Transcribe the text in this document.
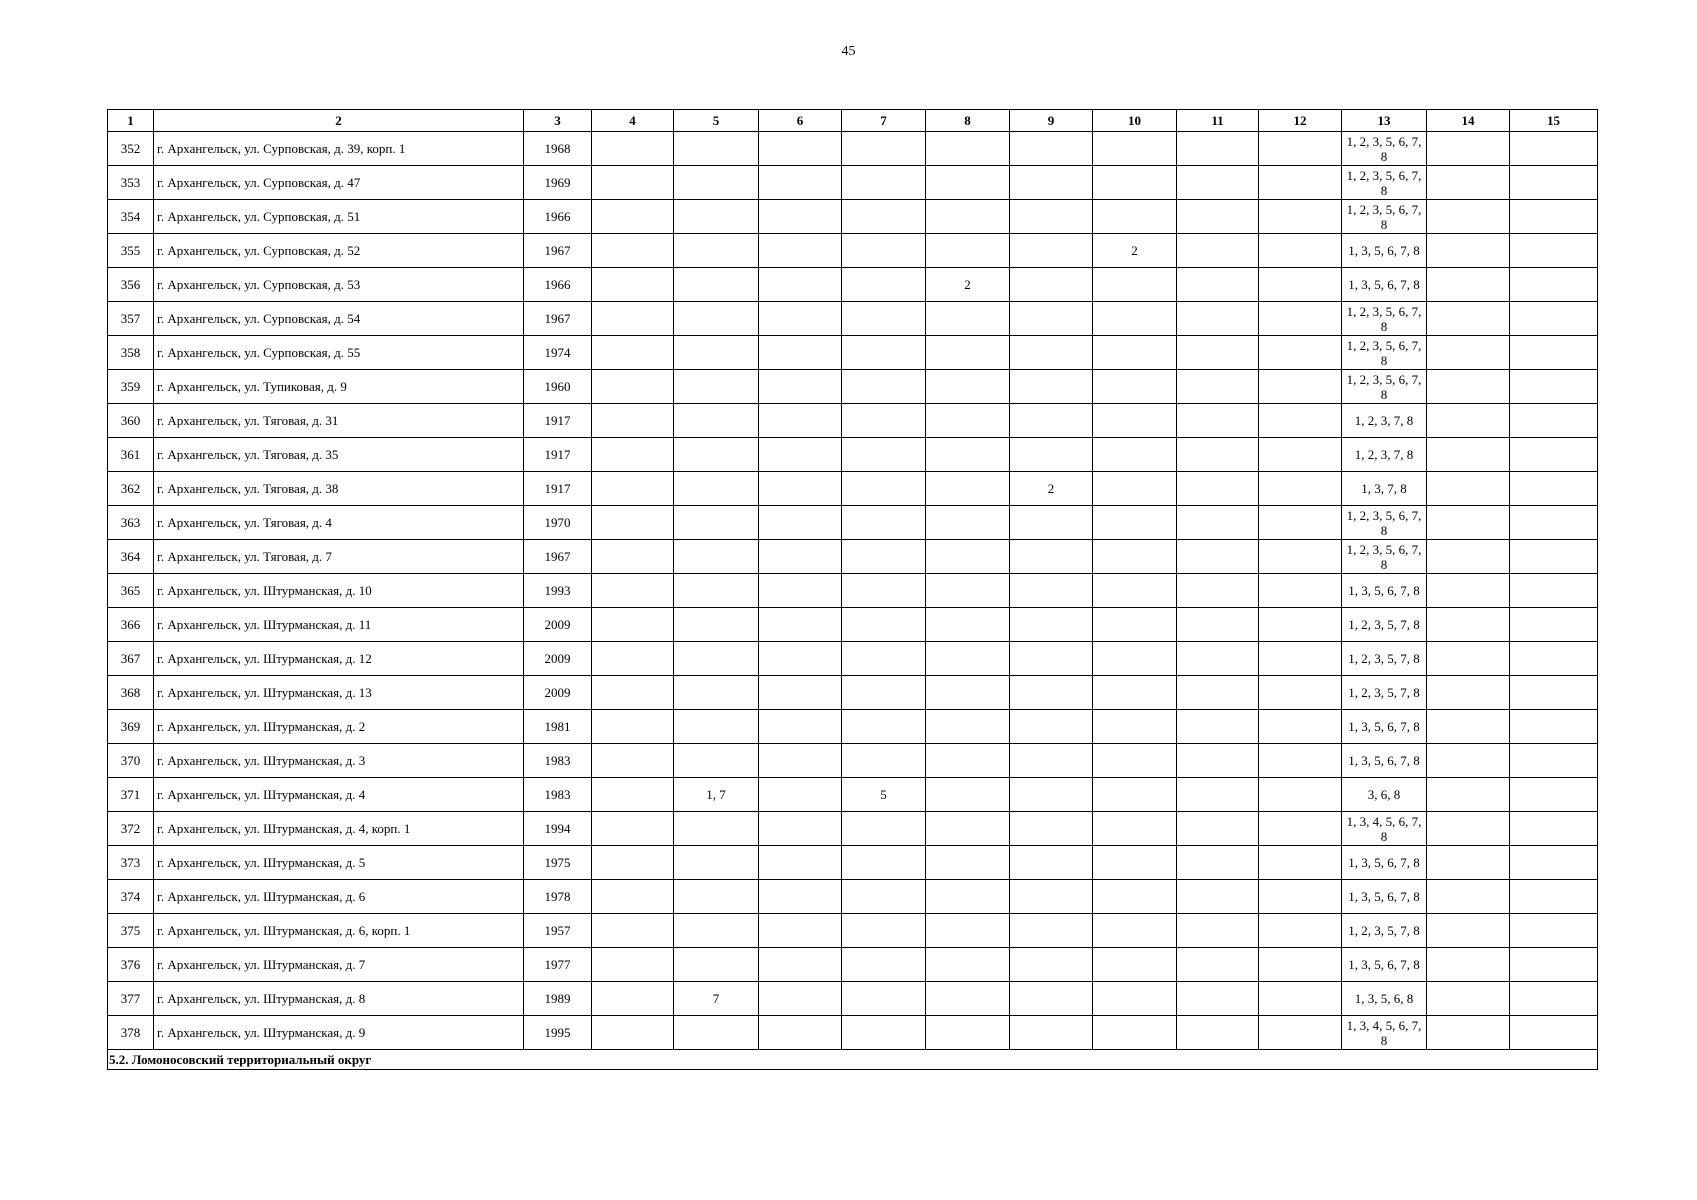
45
1	2	3	4	5	6	7	8	9	10	11	12	13	14	15
352	г. Архангельск, ул. Сурповская, д. 39, корп. 1	1968										1, 2, 3, 5, 6, 7, 8		
353	г. Архангельск, ул. Сурповская, д. 47	1969										1, 2, 3, 5, 6, 7, 8		
354	г. Архангельск, ул. Сурповская, д. 51	1966										1, 2, 3, 5, 6, 7, 8		
355	г. Архангельск, ул. Сурповская, д. 52	1967							2			1, 3, 5, 6, 7, 8		
356	г. Архангельск, ул. Сурповская, д. 53	1966					2					1, 3, 5, 6, 7, 8		
357	г. Архангельск, ул. Сурповская, д. 54	1967										1, 2, 3, 5, 6, 7, 8		
358	г. Архангельск, ул. Сурповская, д. 55	1974										1, 2, 3, 5, 6, 7, 8		
359	г. Архангельск, ул. Тупиковая, д. 9	1960										1, 2, 3, 5, 6, 7, 8		
360	г. Архангельск, ул. Тяговая, д. 31	1917										1, 2, 3, 7, 8		
361	г. Архангельск, ул. Тяговая, д. 35	1917										1, 2, 3, 7, 8		
362	г. Архангельск, ул. Тяговая, д. 38	1917						2				1, 3, 7, 8		
363	г. Архангельск, ул. Тяговая, д. 4	1970										1, 2, 3, 5, 6, 7, 8		
364	г. Архангельск, ул. Тяговая, д. 7	1967										1, 2, 3, 5, 6, 7, 8		
365	г. Архангельск, ул. Штурманская, д. 10	1993										1, 3, 5, 6, 7, 8		
366	г. Архангельск, ул. Штурманская, д. 11	2009										1, 2, 3, 5, 7, 8		
367	г. Архангельск, ул. Штурманская, д. 12	2009										1, 2, 3, 5, 7, 8		
368	г. Архангельск, ул. Штурманская, д. 13	2009										1, 2, 3, 5, 7, 8		
369	г. Архангельск, ул. Штурманская, д. 2	1981										1, 3, 5, 6, 7, 8		
370	г. Архангельск, ул. Штурманская, д. 3	1983										1, 3, 5, 6, 7, 8		
371	г. Архангельск, ул. Штурманская, д. 4	1983		1, 7		5						3, 6, 8		
372	г. Архангельск, ул. Штурманская, д. 4, корп. 1	1994										1, 3, 4, 5, 6, 7, 8		
373	г. Архангельск, ул. Штурманская, д. 5	1975										1, 3, 5, 6, 7, 8		
374	г. Архангельск, ул. Штурманская, д. 6	1978										1, 3, 5, 6, 7, 8		
375	г. Архангельск, ул. Штурманская, д. 6, корп. 1	1957										1, 2, 3, 5, 7, 8		
376	г. Архангельск, ул. Штурманская, д. 7	1977										1, 3, 5, 6, 7, 8		
377	г. Архангельск, ул. Штурманская, д. 8	1989		7								1, 3, 5, 6, 8		
378	г. Архангельск, ул. Штурманская, д. 9	1995										1, 3, 4, 5, 6, 7, 8		
5.2. Ломоносовский территориальный округ														
